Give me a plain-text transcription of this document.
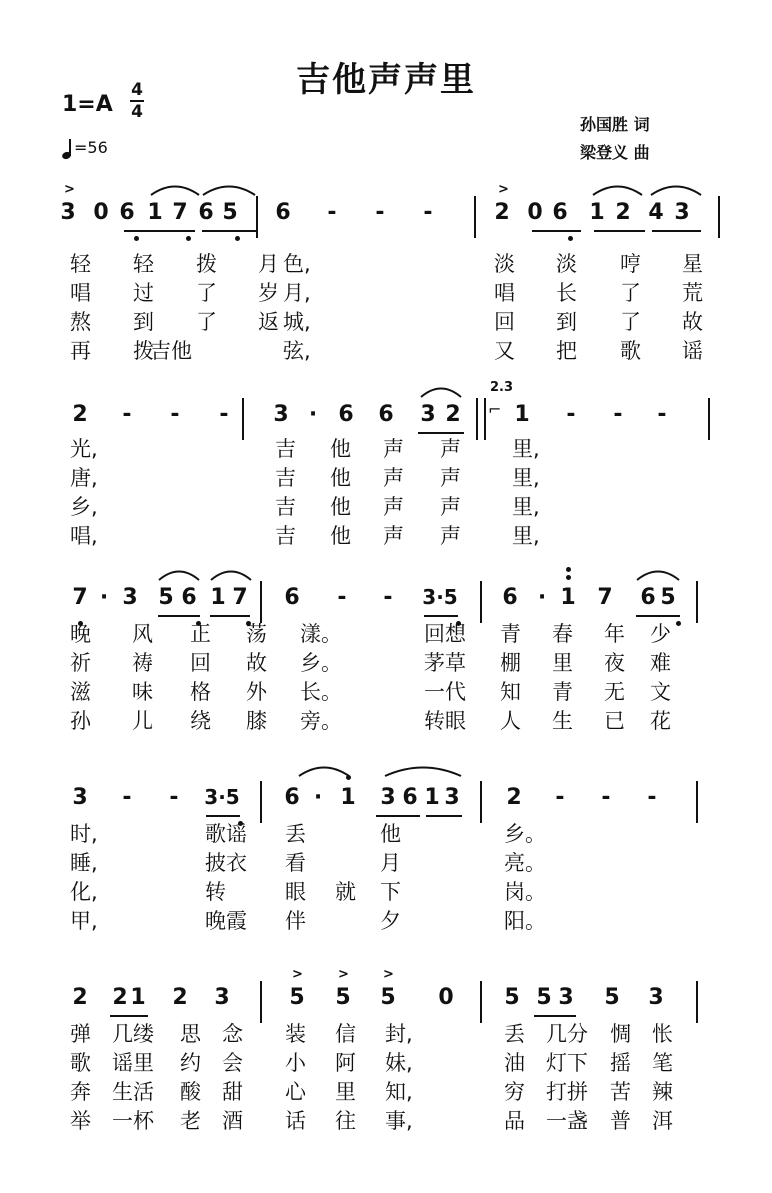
吉他声声里
1=A
4
4
=56
孙国胜 词
梁登义 曲
3 0 6 1 7 6 5 6 - - -	2 0 6 1 2 4 3
>	>
轻 轻 拨 月 色,	淡 淡 哼 星
唱 过 了 岁 月,	唱 长 了 荒
熬 到 了 返 城,	回 到 了 故
再 拨
吉他	弦,	又 把 歌 谣
2 - - - 3 · 6 6 3 2 1 - - -
2.3
⌐
光,	吉 他 声 声 里,
唐,	吉 他 声 声 里,
乡,	吉 他 声 声 里,
唱,	吉 他 声 声 里,
7 · 3 5 6 1 7 6 - -	3·5 6 · 1 7 6 5
晚 风 正 荡 漾。	回想 青 春 年 少
祈 祷 回 故 乡。	茅草 棚 里 夜 难
滋 味 格 外 长。	一代 知 青 无 文
孙 儿 绕 膝 旁。	转眼 人 生 已 花
3 - -	3·5 6 · 1 3 6 1 3 2 - - -
时,	歌谣 丢	他	乡。
睡,	披衣 看	月	亮。
化,	转	眼 就 下	岗。
甲,	晚霞 伴	夕	阳。
2 2 1 2 3	5 5 5 0 5 5 3 5 3
>	>	>
弹 几缕 思 念 装 信 封,	丢 几分 惆 怅
歌 谣里 约 会 小 阿 妹,	油 灯下 摇 笔
奔 生活 酸 甜 心 里 知,	穷 打拼 苦 辣
举 一杯 老 酒 话 往 事,	品 一盏 普 洱
